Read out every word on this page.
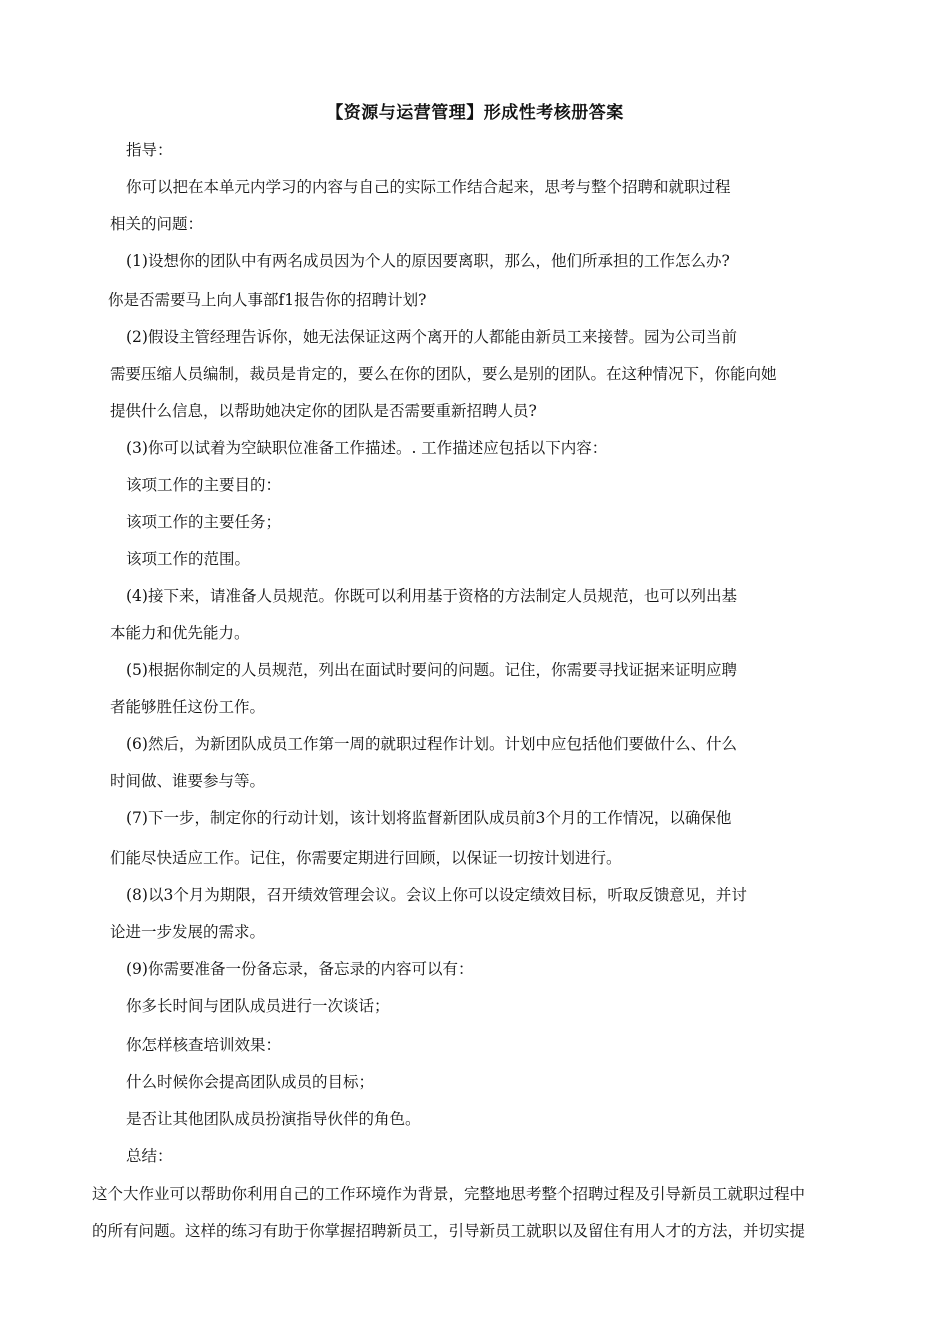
【资源与运营管理】形成性考核册答案
指导：
你可以把在本单元内学习的内容与自己的实际工作结合起来，思考与整个招聘和就职过程
相关的问题：
(1)设想你的团队中有两名成员因为个人的原因要离职，那么，他们所承担的工作怎么办?
你是否需要马上向人事部f1报告你的招聘计划?
(2)假设主管经理告诉你，她无法保证这两个离开的人都能由新员工来接替。园为公司当前
需要压缩人员编制，裁员是肯定的，要么在你的团队，要么是别的团队。在这种情况下，你能向她
提供什么信息，以帮助她决定你的团队是否需要重新招聘人员?
(3)你可以试着为空缺职位准备工作描述。. 工作描述应包括以下内容：
该项工作的主要目的：
该项工作的主要任务；
该项工作的范围。
(4)接下来，请准备人员规范。你既可以利用基于资格的方法制定人员规范，也可以列出基
本能力和优先能力。
(5)根据你制定的人员规范，列出在面试时要问的问题。记住，你需要寻找证据来证明应聘
者能够胜任这份工作。
(6)然后，为新团队成员工作第一周的就职过程作计划。计划中应包括他们要做什么、什么
时间做、谁要参与等。
(7)下一步，制定你的行动计划，该计划将监督新团队成员前3个月的工作情况，以确保他
们能尽快适应工作。记住，你需要定期进行回顾，以保证一切按计划进行。
(8)以3个月为期限，召开绩效管理会议。会议上你可以设定绩效目标，听取反馈意见，并讨
论进一步发展的需求。
(9)你需要准备一份备忘录，备忘录的内容可以有：
你多长时间与团队成员进行一次谈话；
你怎样核查培训效果：
什么时候你会提高团队成员的目标；
是否让其他团队成员扮演指导伙伴的角色。
总结：
这个大作业可以帮助你利用自己的工作环境作为背景，完整地思考整个招聘过程及引导新员工就职过程中
的所有问题。这样的练习有助于你掌握招聘新员工，引导新员工就职以及留住有用人才的方法，并切实提
